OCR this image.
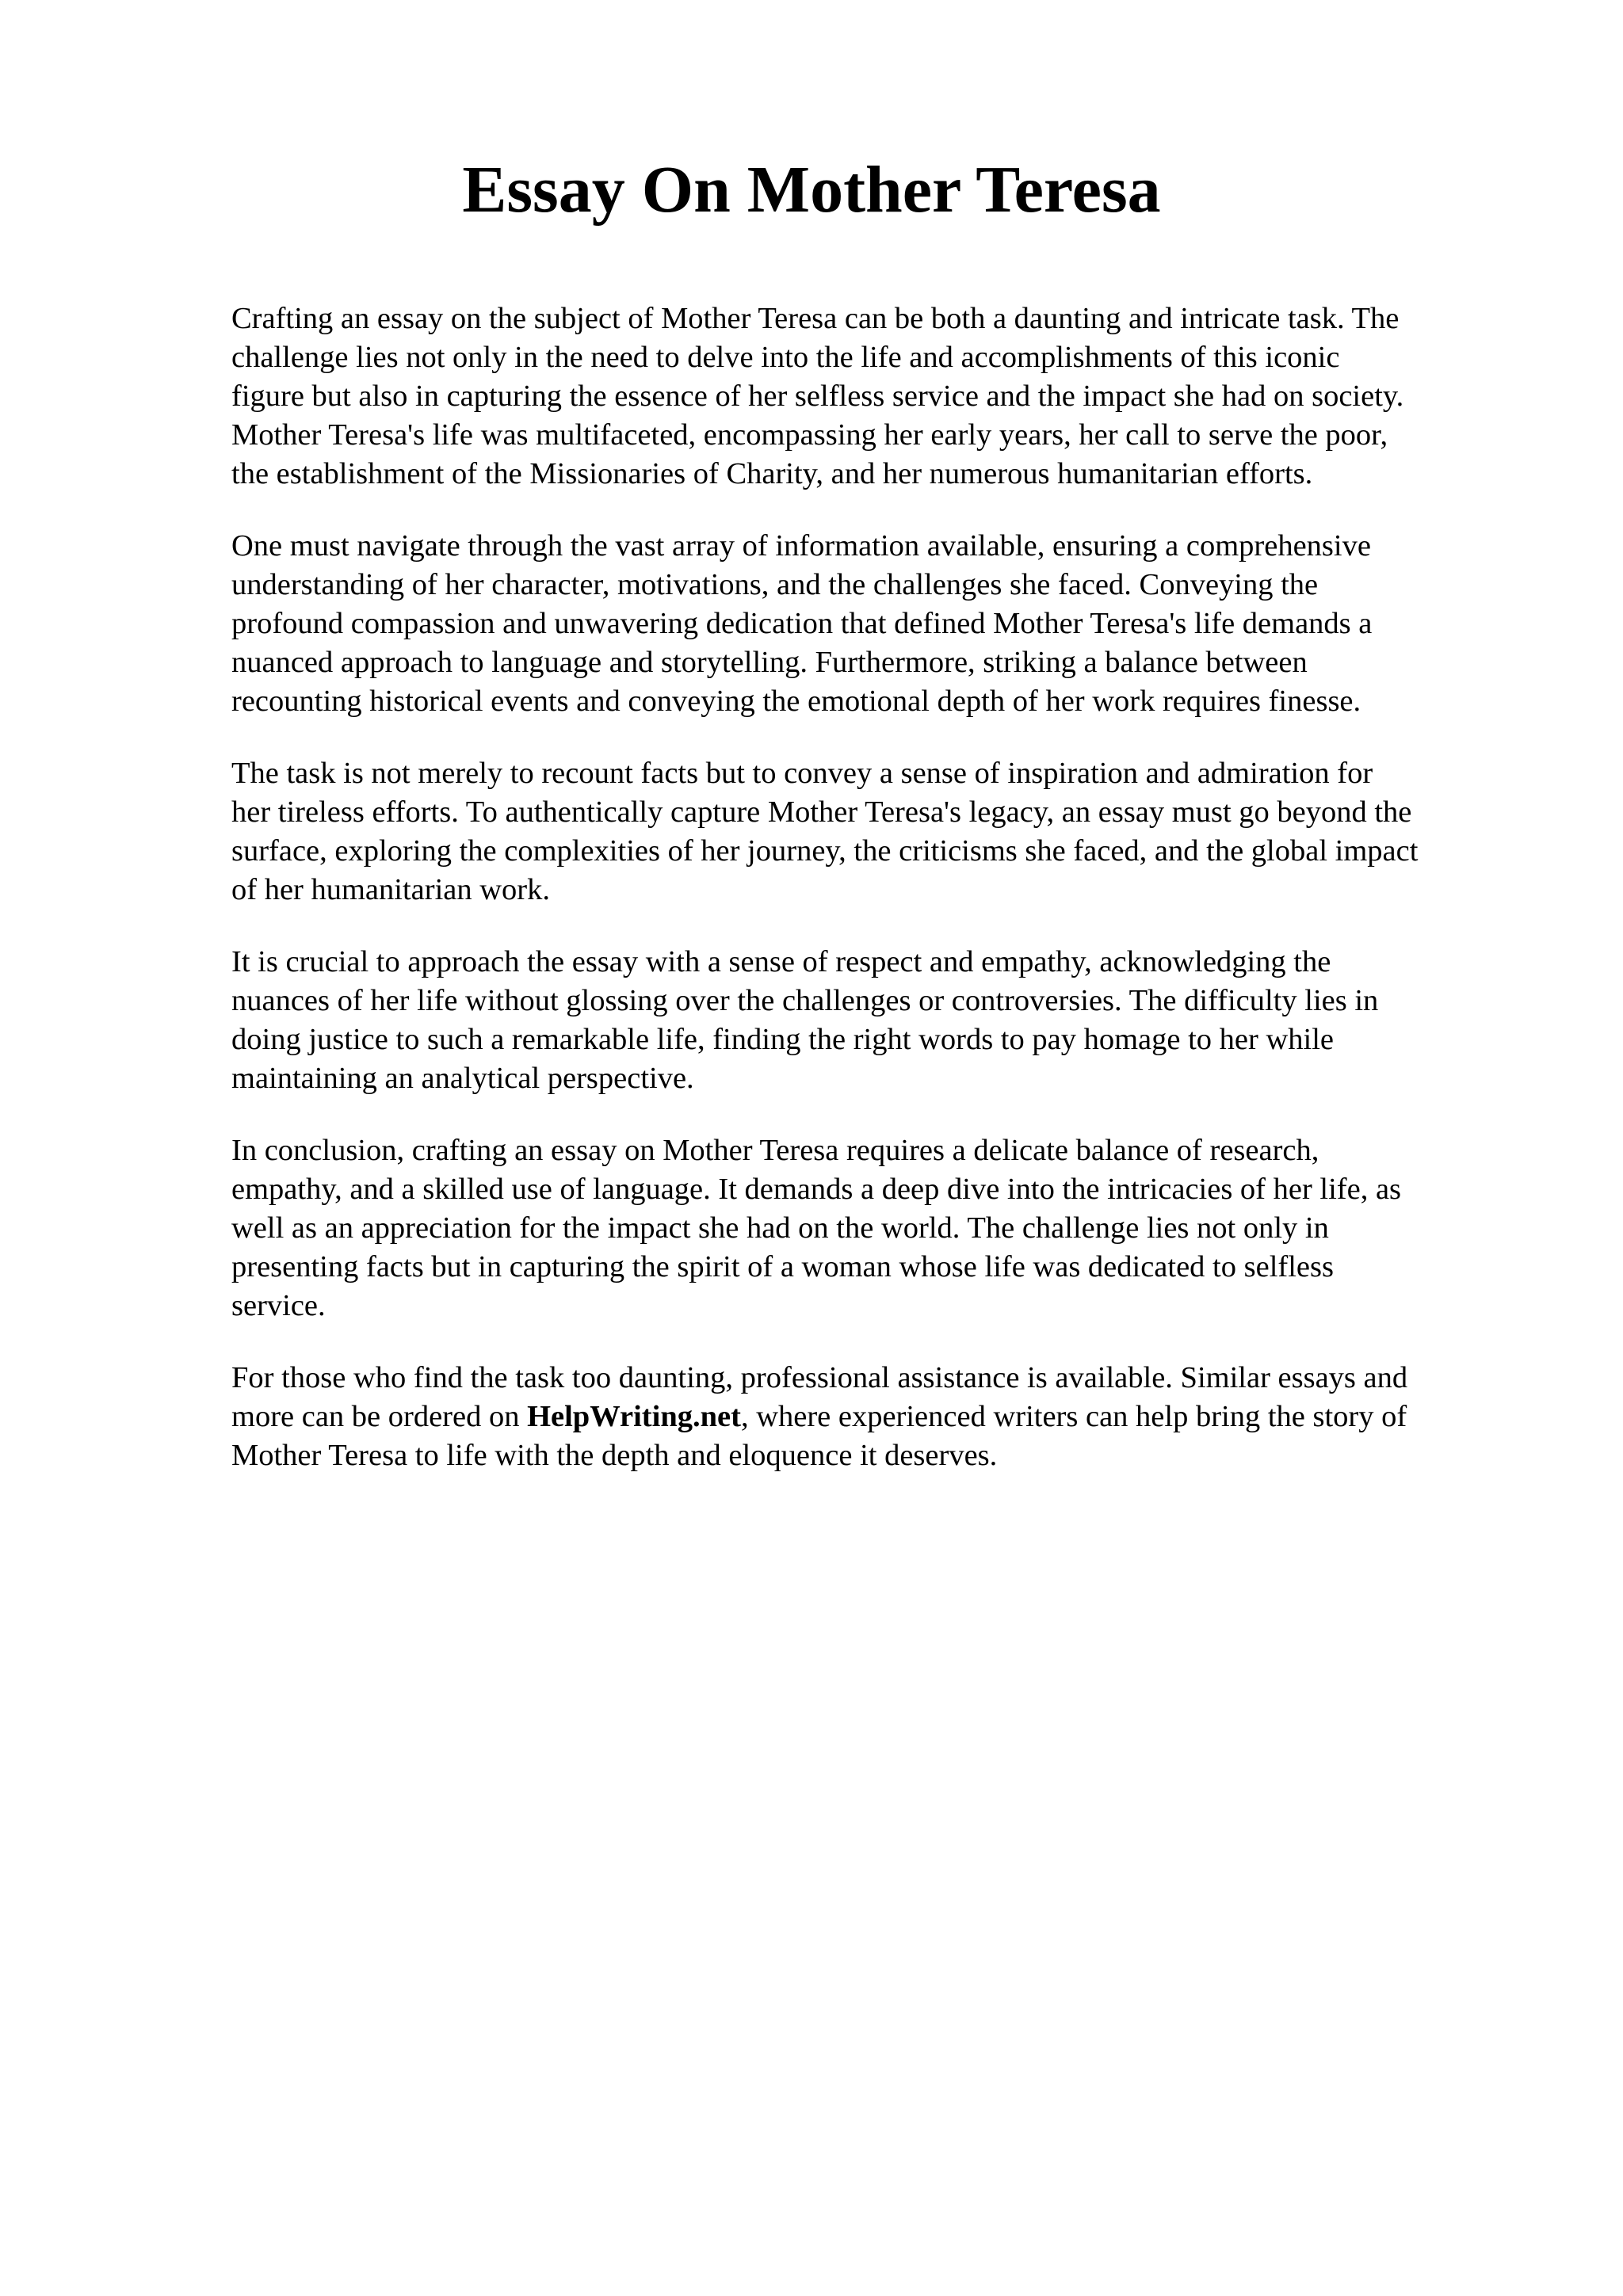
Essay On Mother Teresa

Crafting an essay on the subject of Mother Teresa can be both a daunting and intricate task. The
challenge lies not only in the need to delve into the life and accomplishments of this iconic
figure but also in capturing the essence of her selfless service and the impact she had on society.
Mother Teresa's life was multifaceted, encompassing her early years, her call to serve the poor,
the establishment of the Missionaries of Charity, and her numerous humanitarian efforts.

One must navigate through the vast array of information available, ensuring a comprehensive
understanding of her character, motivations, and the challenges she faced. Conveying the
profound compassion and unwavering dedication that defined Mother Teresa's life demands a
nuanced approach to language and storytelling. Furthermore, striking a balance between
recounting historical events and conveying the emotional depth of her work requires finesse.

The task is not merely to recount facts but to convey a sense of inspiration and admiration for
her tireless efforts. To authentically capture Mother Teresa's legacy, an essay must go beyond the
surface, exploring the complexities of her journey, the criticisms she faced, and the global impact
of her humanitarian work.

It is crucial to approach the essay with a sense of respect and empathy, acknowledging the
nuances of her life without glossing over the challenges or controversies. The difficulty lies in
doing justice to such a remarkable life, finding the right words to pay homage to her while
maintaining an analytical perspective.

In conclusion, crafting an essay on Mother Teresa requires a delicate balance of research,
empathy, and a skilled use of language. It demands a deep dive into the intricacies of her life, as
well as an appreciation for the impact she had on the world. The challenge lies not only in
presenting facts but in capturing the spirit of a woman whose life was dedicated to selfless
service.

For those who find the task too daunting, professional assistance is available. Similar essays and
more can be ordered on HelpWriting.net, where experienced writers can help bring the story of
Mother Teresa to life with the depth and eloquence it deserves.
